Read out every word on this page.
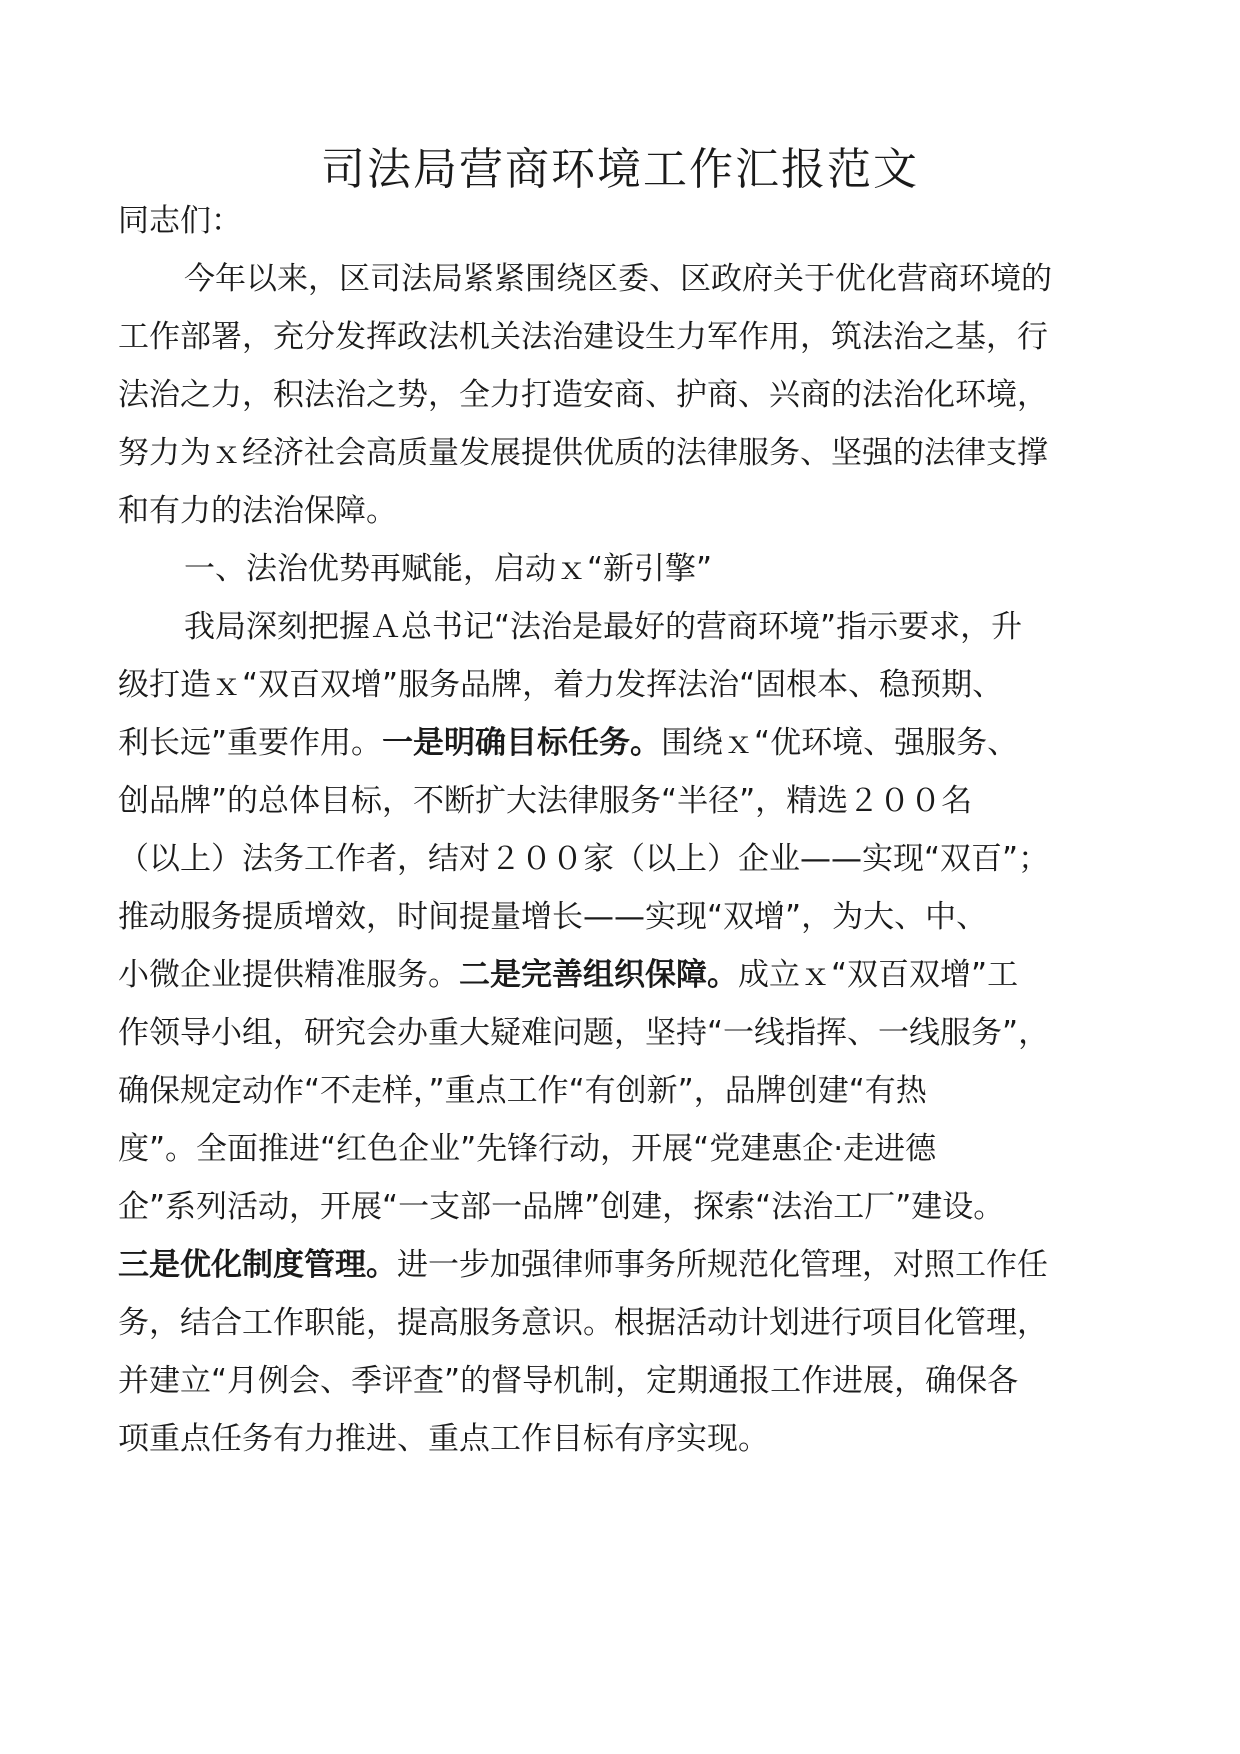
司法局营商环境工作汇报范文
同志们：
今年以来，区司法局紧紧围绕区委、区政府关于优化营商环境的
工作部署，充分发挥政法机关法治建设生力军作用，筑法治之基，行
法治之力，积法治之势，全力打造安商、护商、兴商的法治化环境，
努力为ｘ经济社会高质量发展提供优质的法律服务、坚强的法律支撑
和有力的法治保障。
一、法治优势再赋能，启动ｘ“新引擎”
我局深刻把握Ａ总书记“法治是最好的营商环境”指示要求，升
级打造ｘ“双百双增”服务品牌，着力发挥法治“固根本、稳预期、
利长远”重要作用。一是明确目标任务。围绕ｘ“优环境、强服务、
创品牌”的总体目标，不断扩大法律服务“半径”，精选２００名
（以上）法务工作者，结对２００家（以上）企业——实现“双百”；
推动服务提质增效，时间提量增长——实现“双增”，为大、中、
小微企业提供精准服务。二是完善组织保障。成立ｘ“双百双增”工
作领导小组，研究会办重大疑难问题，坚持“一线指挥、一线服务”，
确保规定动作“不走样，”重点工作“有创新”，品牌创建“有热
度”。全面推进“红色企业”先锋行动，开展“党建惠企·走进德
企”系列活动，开展“一支部一品牌”创建，探索“法治工厂”建设。
三是优化制度管理。进一步加强律师事务所规范化管理，对照工作任
务，结合工作职能，提高服务意识。根据活动计划进行项目化管理，
并建立“月例会、季评查”的督导机制，定期通报工作进展，确保各
项重点任务有力推进、重点工作目标有序实现。
